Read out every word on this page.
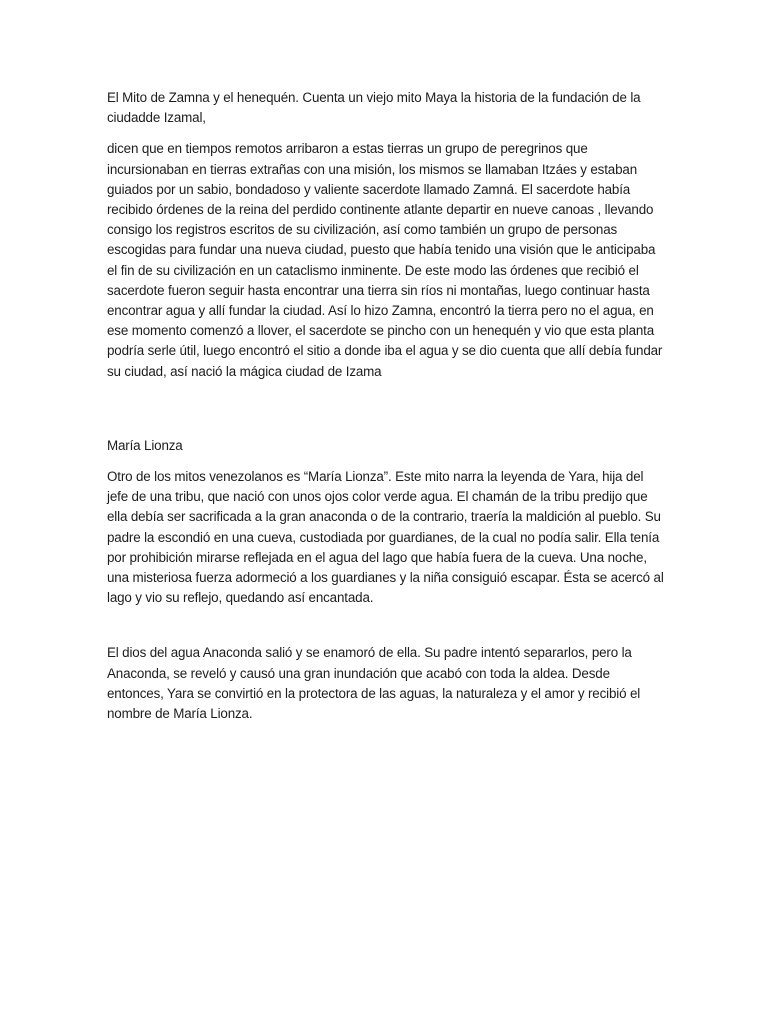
El Mito de Zamna y el henequén. Cuenta un viejo mito Maya la historia de la fundación de la ciudadde Izamal,

dicen que en tiempos remotos arribaron a estas tierras un grupo de peregrinos que incursionaban en tierras extrañas con una misión, los mismos se llamaban Itzáes y estaban guiados por un sabio, bondadoso y valiente sacerdote llamado Zamná. El sacerdote había recibido órdenes de la reina del perdido continente atlante departir en nueve canoas , llevando consigo los registros escritos de su civilización, así como también un grupo de personas escogidas para fundar una nueva ciudad, puesto que había tenido una visión que le anticipaba el fin de su civilización en un cataclismo inminente. De este modo las órdenes que recibió el sacerdote fueron seguir hasta encontrar una tierra sin ríos ni montañas, luego continuar hasta encontrar agua y allí fundar la ciudad. Así lo hizo Zamna, encontró la tierra pero no el agua, en ese momento comenzó a llover, el sacerdote se pincho con un henequén y vio que esta planta podría serle útil, luego encontró el sitio a donde iba el agua y se dio cuenta que allí debía fundar su ciudad, así nació la mágica ciudad de Izama

María Lionza

Otro de los mitos venezolanos es “María Lionza”. Este mito narra la leyenda de Yara, hija del jefe de una tribu, que nació con unos ojos color verde agua. El chamán de la tribu predijo que ella debía ser sacrificada a la gran anaconda o de la contrario, traería la maldición al pueblo. Su padre la escondió en una cueva, custodiada por guardianes, de la cual no podía salir. Ella tenía por prohibición mirarse reflejada en el agua del lago que había fuera de la cueva. Una noche, una misteriosa fuerza adormeció a los guardianes y la niña consiguió escapar. Ésta se acercó al lago y vio su reflejo, quedando así encantada.

El dios del agua Anaconda salió y se enamoró de ella. Su padre intentó separarlos, pero la Anaconda, se reveló y causó una gran inundación que acabó con toda la aldea. Desde entonces, Yara se convirtió en la protectora de las aguas, la naturaleza y el amor y recibió el nombre de María Lionza.
